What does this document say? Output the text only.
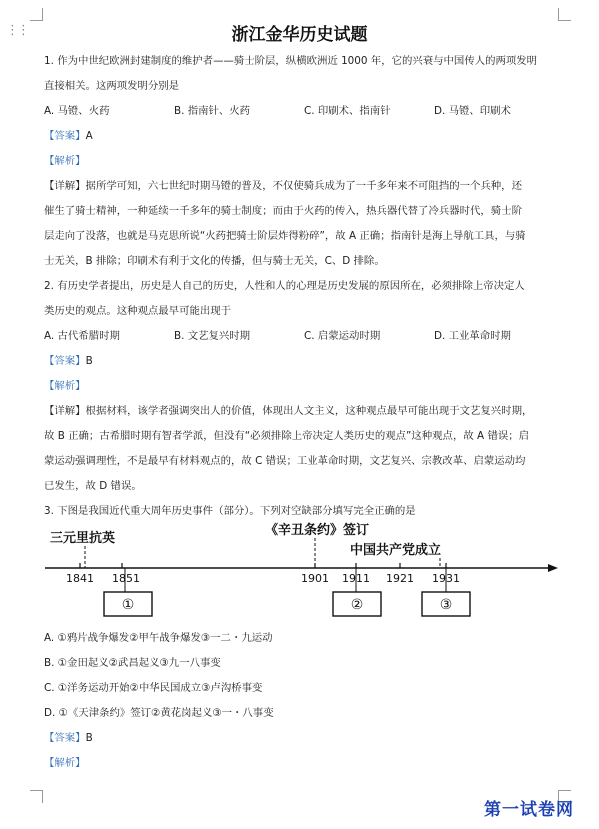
⋮⋮	浙江金华历史试题
1. 作为中世纪欧洲封建制度的维护者——骑士阶层，纵横欧洲近 1000 年，它的兴衰与中国传人的两项发明
直接相关。这两项发明分别是
A. 马镫、火药	B. 指南针、火药	C. 印刷术、指南针	D. 马镫、印刷术
【答案】A
【解析】
【详解】据所学可知，六七世纪时期马镫的普及，不仅使骑兵成为了一千多年来不可阻挡的一个兵种，还
催生了骑士精神，一种延续一千多年的骑士制度；而由于火药的传入，热兵器代替了冷兵器时代，骑士阶
层走向了没落，也就是马克思所说“火药把骑士阶层炸得粉碎”，故 A 正确；指南针是海上导航工具，与骑
士无关，B 排除；印刷术有利于文化的传播，但与骑士无关，C、D 排除。
2. 有历史学者提出，历史是人自己的历史，人性和人的心理是历史发展的原因所在，必须排除上帝决定人
类历史的观点。这种观点最早可能出现于
A. 古代希腊时期	B. 文艺复兴时期	C. 启蒙运动时期	D. 工业革命时期
【答案】B
【解析】
【详解】根据材料，该学者强调突出人的价值，体现出人文主义，这种观点最早可能出现于文艺复兴时期，
故 B 正确；古希腊时期有智者学派，但没有“必须排除上帝决定人类历史的观点”这种观点，故 A 错误；启
蒙运动强调理性，不是最早有材料观点的，故 C 错误；工业革命时期，文艺复兴、宗教改革、启蒙运动均
已发生，故 D 错误。
3. 下图是我国近代重大周年历史事件（部分）。下列对空缺部分填写完全正确的是
三元里抗英
《辛丑条约》签订
中国共产党成立
1841 1851	1901 1911 1921 1931
①	②	③
A. ①鸦片战争爆发②甲午战争爆发③一二・九运动
B. ①金田起义②武昌起义③九一八事变
C. ①洋务运动开始②中华民国成立③卢沟桥事变
D. ①《天津条约》签订②黄花岗起义③一・八事变
【答案】B
【解析】
第一试卷网
